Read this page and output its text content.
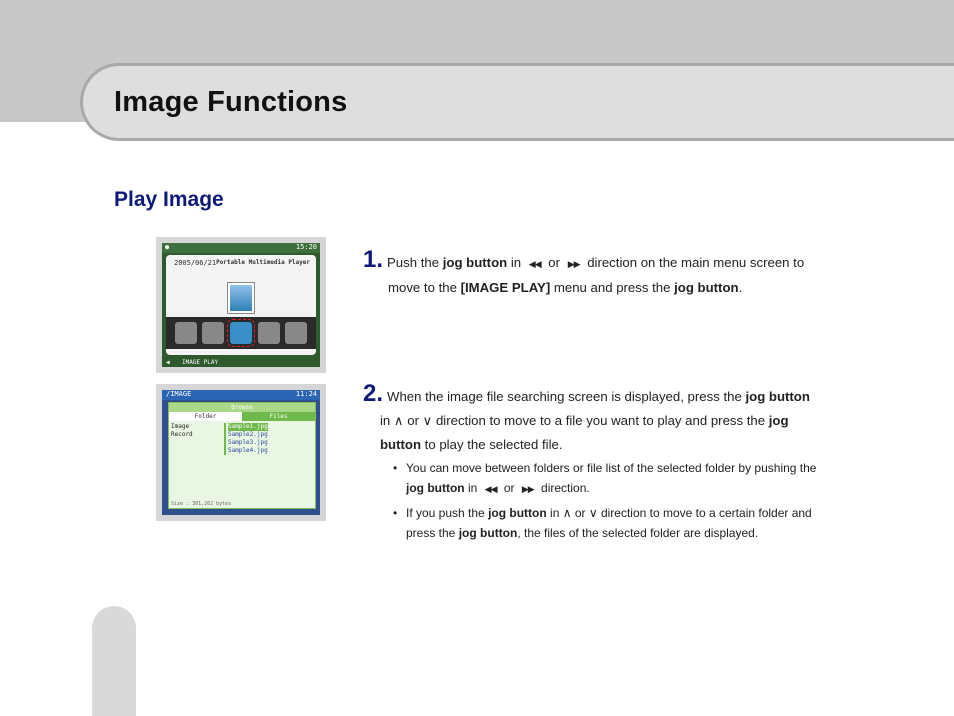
Image Functions
Play Image
●	15:20
2005/06/21 Portable Multimedia Player
◀ IMAGE PLAY
/IMAGE	11:24
Browse
Folder	Files
Image
Record
Sample1.jpg
Sample2.jpg
Sample3.jpg
Sample4.jpg
Size : 301,262 bytes
1. Push the jog button in ◀◀ or ▶▶ direction on the main menu screen to
move to the [IMAGE PLAY] menu and press the jog button.
2. When the image file searching screen is displayed, press the jog button
in ∧ or ∨ direction to move to a file you want to play and press the jog
button to play the selected file.
• You can move between folders or file list of the selected folder by pushing the
jog button in ◀◀ or ▶▶ direction.
• If you push the jog button in ∧ or ∨ direction to move to a certain folder and
press the jog button, the files of the selected folder are displayed.
